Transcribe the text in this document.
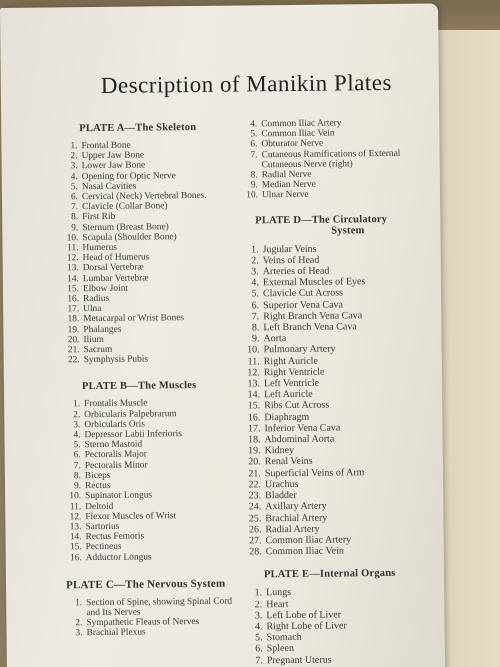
Description of Manikin Plates
PLATE A—The Skeleton
1. Frontal Bone
2. Upper Jaw Bone
3. Lower Jaw Bone
4. Opening for Optic Nerve
5. Nasal Cavities
6. Cervical (Neck) Vertebral Bones.
7. Clavicle (Collar Bone)
8. First Rib
9. Sternum (Breast Bone)
10. Scapula (Shoulder Bone)
11. Humerus
12. Head of Humerus
13. Dorsal Vertebræ
14. Lumbar Vertebræ
15. Elbow Joint
16. Radius
17. Ulna
18. Metacarpal or Wrist Bones
19. Phalanges
20. Ilium
21. Sacrum
22. Symphysis Pubis
PLATE B—The Muscles
1. Frontalis Muscle
2. Orbicularis Palpebrarum
3. Orbicularis Oris
4. Depressor Labii Inferioris
5. Sterno Mastoid
6. Pectoralis Major
7. Pectoralis Minor
8. Biceps
9. Rectus
10. Supinator Longus
11. Deltoid
12. Flexor Muscles of Wrist
13. Sartorius
14. Rectus Femoris
15. Pectineus
16. Adductor Longus
PLATE C—The Nervous System
1. Section of Spine, showing Spinal Cord and Its Nerves
2. Sympathetic Fleaus of Nerves
3. Brachial Plexus
4. Common Iliac Artery
5. Common Iliac Vein
6. Obturator Nerve
7. Cutaneous Ramifications of External Cutaneous Nerve (right)
8. Radial Nerve
9. Median Nerve
10. Ulnar Nerve
PLATE D—The Circulatory
System
1. Jugular Veins
2. Veins of Head
3. Arteries of Head
4. External Muscles of Eyes
5. Clavicle Cut Across
6. Superior Vena Cava
7. Right Branch Vena Cava
8. Left Branch Vena Cava
9. Aorta
10. Pulmonary Artery
11. Right Auricle
12. Right Ventricle
13. Left Ventricle
14. Left Auricle
15. Ribs Cut Across
16. Diaphragm
17. Inferior Vena Cava
18. Abdominal Aorta
19. Kidney
20. Renal Veins
21. Superficial Veins of Arm
22. Urachus
23. Bladder
24. Axillary Artery
25. Brachial Artery
26. Radial Artery
27. Common Iliac Artery
28. Common Iliac Vein
PLATE E—Internal Organs
1. Lungs
2. Heart
3. Left Lobe of Liver
4. Right Lobe of Liver
5. Stomach
6. Spleen
7. Pregnant Uterus
